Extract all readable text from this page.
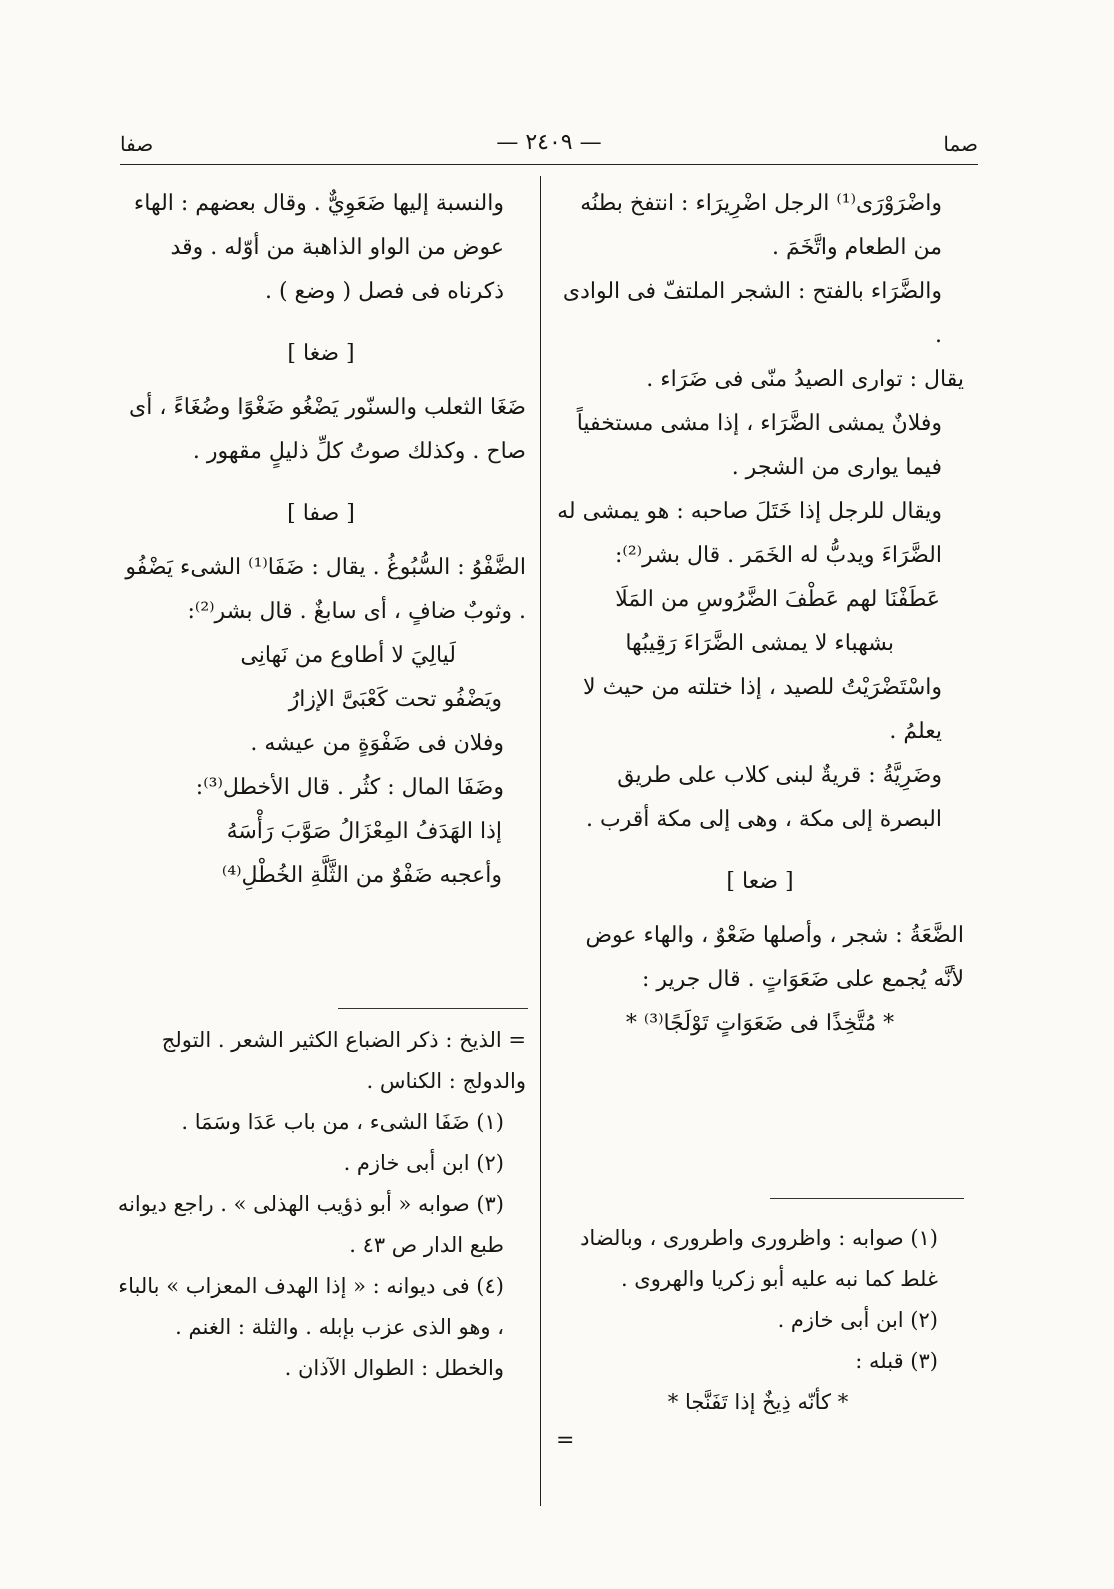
صما
— ٢٤٠٩ —
صفا

واضْرَوْرَى⁽¹⁾ الرجل اضْرِيرَاء : انتفخ بطنُه من الطعام واتَّخَمَ .

والضَّرَاء بالفتح : الشجر الملتفّ فى الوادى .

يقال : توارى الصيدُ منّى فى ضَرَاء .

وفلانٌ يمشى الضَّرَاء ، إذا مشى مستخفياً فيما يوارى من الشجر .

ويقال للرجل إذا خَتَلَ صاحبه : هو يمشى له الضَّرَاءَ ويدبُّ له الخَمَر . قال بشر⁽²⁾:

عَطَفْنَا لهم عَطْفَ الضَّرُوسِ من المَلَا

بشهباء لا يمشى الضَّرَاءَ رَقِيبُها

واسْتَضْرَيْتُ للصيد ، إذا ختلته من حيث لا يعلمُ .

وضَرِيَّةُ : قريةٌ لبنى كلاب على طريق البصرة إلى مكة ، وهى إلى مكة أقرب .

[ ضعا ]

الضَّعَةُ : شجر ، وأصلها ضَعْوٌ ، والهاء عوض لأنَّه يُجمع على ضَعَوَاتٍ . قال جرير :

* مُتَّخِذًا فى ضَعَوَاتٍ تَوْلَجًا⁽³⁾ *

(١) صوابه : واظرورى واطرورى ، وبالضاد غلط كما نبه عليه أبو زكريا والهروى .

(٢) ابن أبى خازم .

(٣) قبله :

* كأنّه ذِيخٌ إذا تَفَنَّجا *

=

والنسبة إليها ضَعَوِيٌّ . وقال بعضهم : الهاء عوض من الواو الذاهبة من أوّله . وقد ذكرناه فى فصل ( وضع ) .

[ ضغا ]

ضَغَا الثعلب والسنّور يَضْغُو ضَغْوًا وضُغَاءً ، أى صاح . وكذلك صوتُ كلِّ ذليلٍ مقهور .

[ صفا ]

الضَّفْوُ : السُّبُوغُ . يقال : ضَفَا⁽¹⁾ الشىء يَضْفُو . وثوبٌ ضافٍ ، أى سابغٌ . قال بشر⁽²⁾:

لَيالِيَ لا أطاوع من نَهانِى

ويَضْفُو تحت كَعْبَىَّ الإزارُ

وفلان فى ضَفْوَةٍ من عيشه .

وضَفَا المال : كثُر . قال الأخطل⁽³⁾:

إذا الهَدَفُ المِعْزَالُ صَوَّبَ رَأْسَهُ

وأعجبه ضَفْوٌ من الثَّلَّةِ الخُطْلِ⁽⁴⁾

= الذيخ : ذكر الضباع الكثير الشعر . التولج والدولج : الكناس .

(١) ضَفَا الشىء ، من باب عَدَا وسَمَا .

(٢) ابن أبى خازم .

(٣) صوابه « أبو ذؤيب الهذلى » . راجع ديوانه طبع الدار ص ٤٣ .

(٤) فى ديوانه : « إذا الهدف المعزاب » بالباء ، وهو الذى عزب بإبله . والثلة : الغنم . والخطل : الطوال الآذان .
